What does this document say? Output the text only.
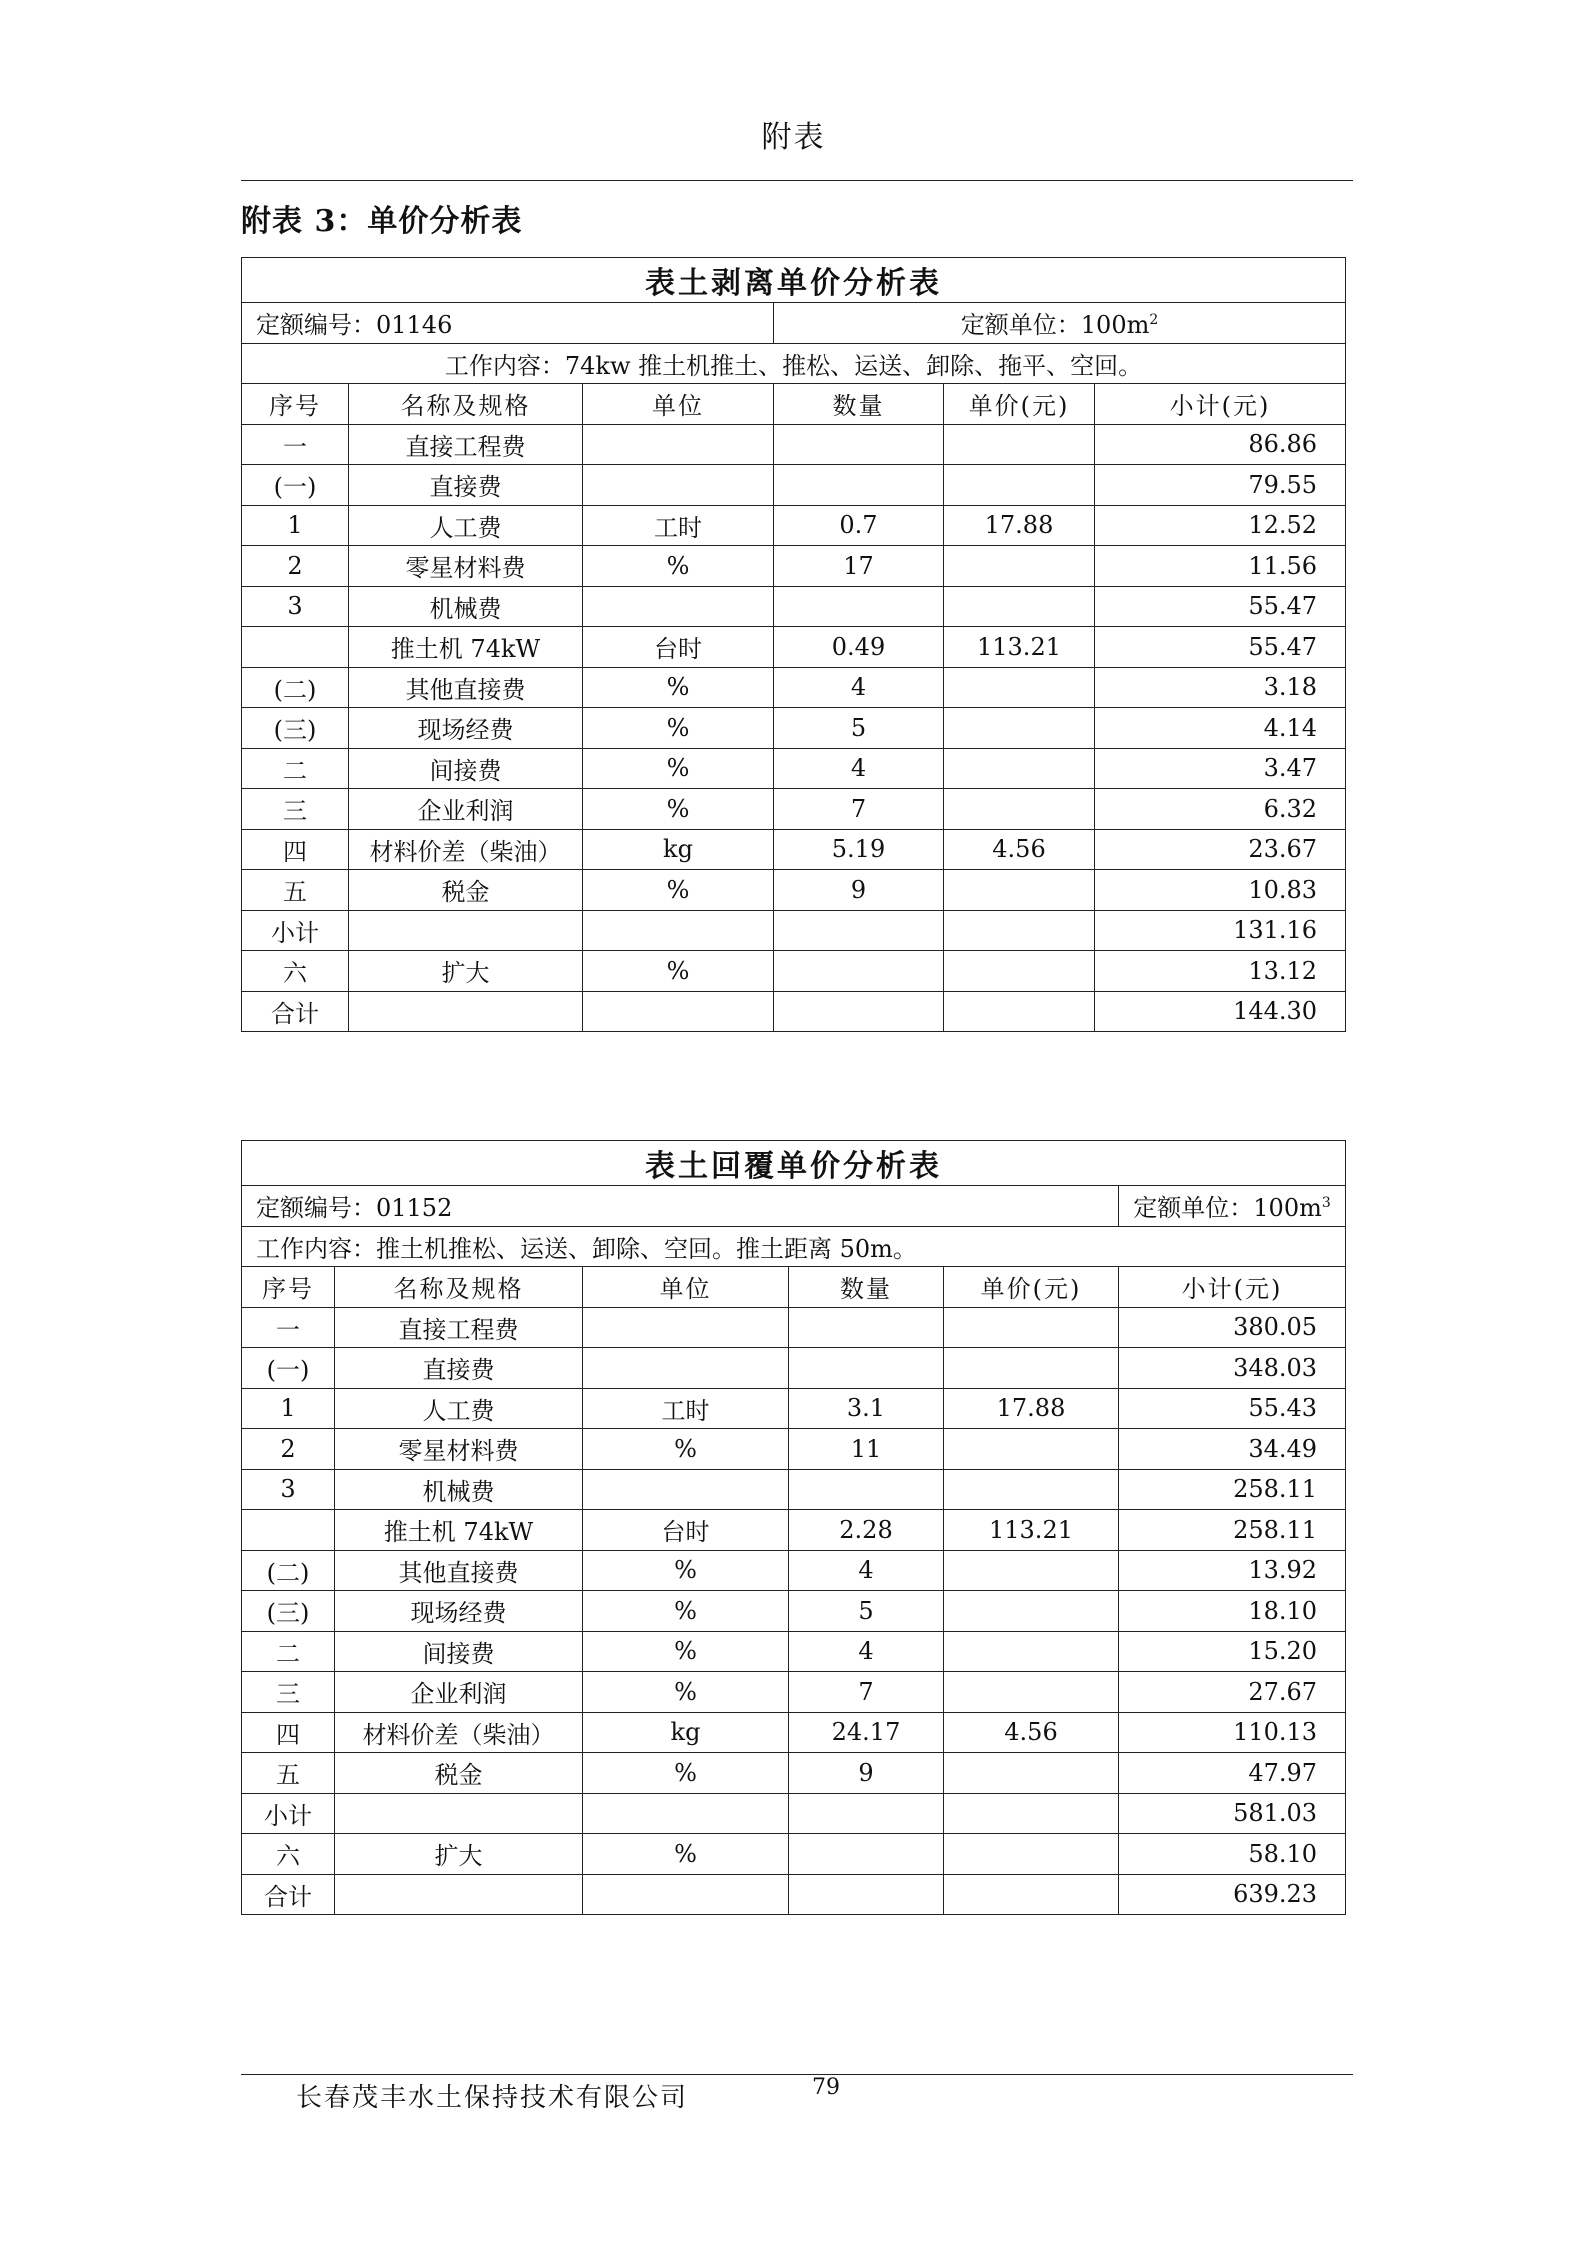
附表
附表 3：单价分析表
表土剥离单价分析表					
定额编号：01146			定额单位：$100m^2$
工作内容：74kw 推土机推土、推松、运送、卸除、拖平、空回。					
序号	名称及规格	单位	数量	单价(元)	小计(元)
一	直接工程费				86.86
(一)	直接费				79.55
1	人工费	工时	0.7	17.88	12.52
2	零星材料费	%	17		11.56
3	机械费				55.47
	推土机 74kW	台时	0.49	113.21	55.47
(二)	其他直接费	%	4		3.18
(三)	现场经费	%	5		4.14
二	间接费	%	4		3.47
三	企业利润	%	7		6.32
四	材料价差（柴油）	kg	5.19	4.56	23.67
五	税金	%	9		10.83
小计					131.16
六	扩大	%			13.12
合计					144.30
表土回覆单价分析表					
定额编号：01152					定额单位：$100m^3$
工作内容：推土机推松、运送、卸除、空回。推土距离 50m。					
序号	名称及规格	单位	数量	单价(元)	小计(元)
一	直接工程费				380.05
(一)	直接费				348.03
1	人工费	工时	3.1	17.88	55.43
2	零星材料费	%	11		34.49
3	机械费				258.11
	推土机 74kW	台时	2.28	113.21	258.11
(二)	其他直接费	%	4		13.92
(三)	现场经费	%	5		18.10
二	间接费	%	4		15.20
三	企业利润	%	7		27.67
四	材料价差（柴油）	kg	24.17	4.56	110.13
五	税金	%	9		47.97
小计					581.03
六	扩大	%			58.10
合计					639.23
长春茂丰水土保持技术有限公司	79
